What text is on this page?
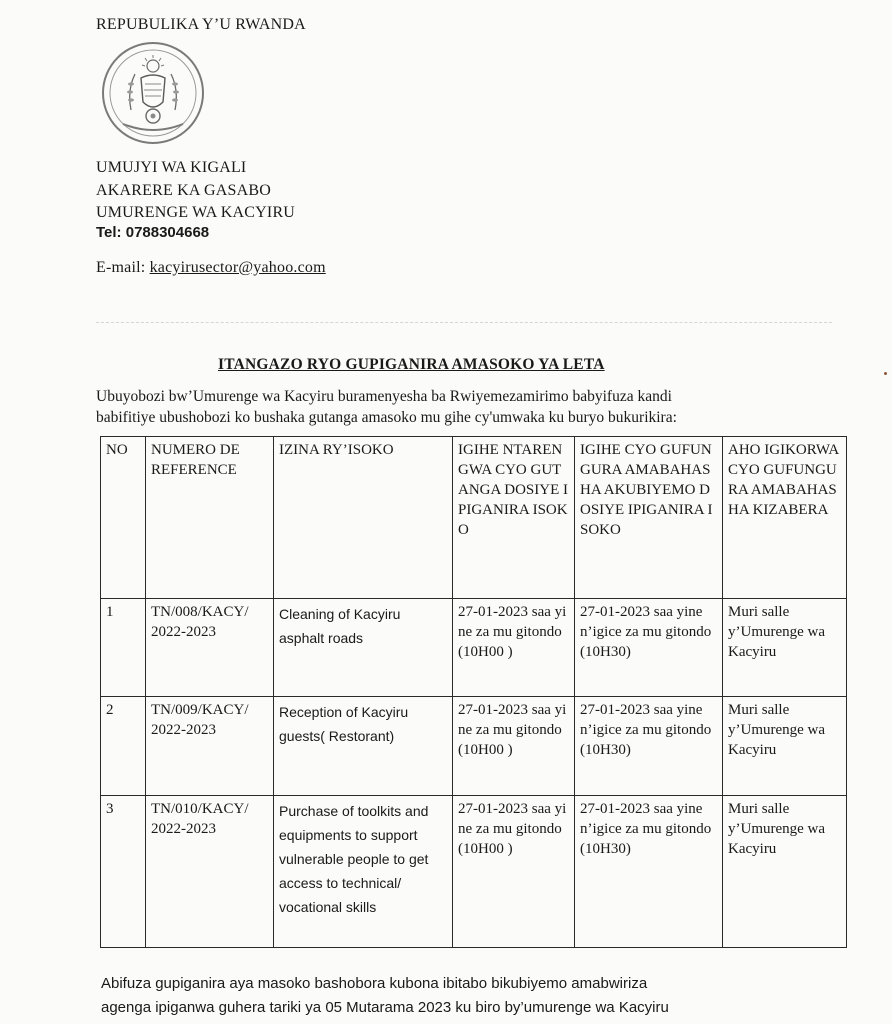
REPUBULIKA Y’U RWANDA
UMUJYI WA KIGALI
AKARERE KA GASABO
UMURENGE WA KACYIRU
Tel: 0788304668
E-mail: kacyirusector@yahoo.com
ITANGAZO RYO GUPIGANIRA AMASOKO YA LETA
Ubuyobozi bw’Umurenge wa Kacyiru buramenyesha ba Rwiyemezamirimo babyifuza kandi
babifitiye ubushobozi ko bushaka gutanga amasoko mu gihe cy'umwaka ku buryo bukurikira:
NO	NUMERO DE REFERENCE	IZINA RY’ISOKO	IGIHE NTARENGWA CYO GUTANGA DOSIYE IPIGANIRA ISOKO	IGIHE CYO GUFUNGURA AMABAHASHA AKUBIYEMO DOSIYE IPIGANIRA ISOKO	AHO IGIKORWA CYO GUFUNGURA AMABAHASHA KIZABERA
1	TN/008/KACY/ 2022-2023	Cleaning of Kacyiru asphalt roads	27-01-2023 saa yine za mu gitondo(10H00 )	27-01-2023 saa yine n’igice za mu gitondo (10H30)	Muri salle y’Umurenge wa Kacyiru
2	TN/009/KACY/ 2022-2023	Reception of Kacyiru guests( Restorant)	27-01-2023 saa yine za mu gitondo(10H00 )	27-01-2023 saa yine n’igice za mu gitondo (10H30)	Muri salle y’Umurenge wa Kacyiru
3	TN/010/KACY/ 2022-2023	Purchase of toolkits and equipments to support vulnerable people to get access to technical/ vocational skills	27-01-2023 saa yine za mu gitondo(10H00 )	27-01-2023 saa yine n’igice za mu gitondo (10H30)	Muri salle y’Umurenge wa Kacyiru
Abifuza gupiganira aya masoko bashobora kubona ibitabo bikubiyemo amabwiriza
agenga ipiganwa guhera tariki ya 05 Mutarama 2023 ku biro by’umurenge wa Kacyiru
